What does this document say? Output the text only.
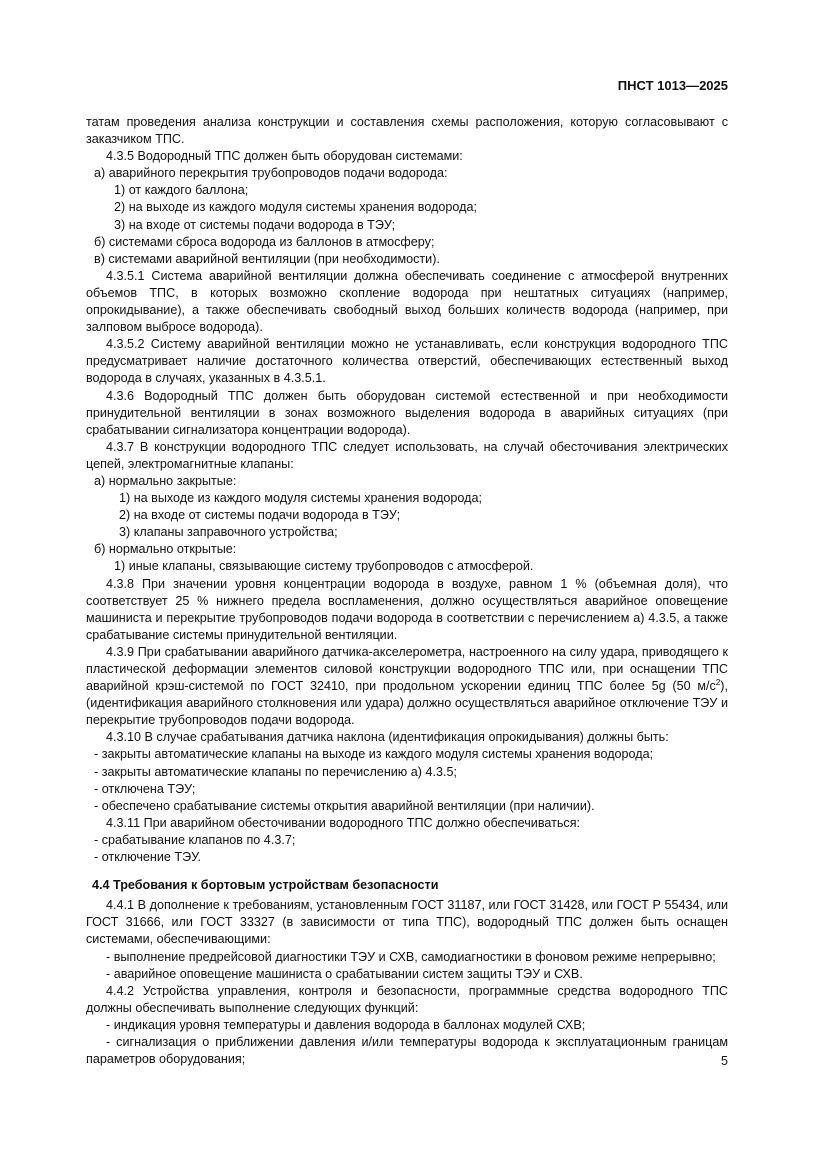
ПНСТ 1013—2025

татам проведения анализа конструкции и составления схемы расположения, которую согласовывают с заказчиком ТПС.

4.3.5 Водородный ТПС должен быть оборудован системами:

а) аварийного перекрытия трубопроводов подачи водорода:

1) от каждого баллона;

2) на выходе из каждого модуля системы хранения водорода;

3) на входе от системы подачи водорода в ТЭУ;

б) системами сброса водорода из баллонов в атмосферу;

в) системами аварийной вентиляции (при необходимости).

4.3.5.1 Система аварийной вентиляции должна обеспечивать соединение с атмосферой внутренних объемов ТПС, в которых возможно скопление водорода при нештатных ситуациях (например, опрокидывание), а также обеспечивать свободный выход больших количеств водорода (например, при залповом выбросе водорода).

4.3.5.2 Систему аварийной вентиляции можно не устанавливать, если конструкция водородного ТПС предусматривает наличие достаточного количества отверстий, обеспечивающих естественный выход водорода в случаях, указанных в 4.3.5.1.

4.3.6 Водородный ТПС должен быть оборудован системой естественной и при необходимости принудительной вентиляции в зонах возможного выделения водорода в аварийных ситуациях (при срабатывании сигнализатора концентрации водорода).

4.3.7 В конструкции водородного ТПС следует использовать, на случай обесточивания электрических цепей, электромагнитные клапаны:

а) нормально закрытые:

1) на выходе из каждого модуля системы хранения водорода;

2) на входе от системы подачи водорода в ТЭУ;

3) клапаны заправочного устройства;

б) нормально открытые:

1) иные клапаны, связывающие систему трубопроводов с атмосферой.

4.3.8 При значении уровня концентрации водорода в воздухе, равном 1 % (объемная доля), что соответствует 25 % нижнего предела воспламенения, должно осуществляться аварийное оповещение машиниста и перекрытие трубопроводов подачи водорода в соответствии с перечислением а) 4.3.5, а также срабатывание системы принудительной вентиляции.

4.3.9 При срабатывании аварийного датчика-акселерометра, настроенного на силу удара, приводящего к пластической деформации элементов силовой конструкции водородного ТПС или, при оснащении ТПС аварийной крэш-системой по ГОСТ 32410, при продольном ускорении единиц ТПС более 5g (50 $м/с^2$), (идентификация аварийного столкновения или удара) должно осуществляться аварийное отключение ТЭУ и перекрытие трубопроводов подачи водорода.

4.3.10 В случае срабатывания датчика наклона (идентификация опрокидывания) должны быть:

- закрыты автоматические клапаны на выходе из каждого модуля системы хранения водорода;

- закрыты автоматические клапаны по перечислению а) 4.3.5;

- отключена ТЭУ;

- обеспечено срабатывание системы открытия аварийной вентиляции (при наличии).

4.3.11 При аварийном обесточивании водородного ТПС должно обеспечиваться:

- срабатывание клапанов по 4.3.7;

- отключение ТЭУ.

4.4 Требования к бортовым устройствам безопасности

4.4.1 В дополнение к требованиям, установленным ГОСТ 31187, или ГОСТ 31428, или ГОСТ Р 55434, или ГОСТ 31666, или ГОСТ 33327 (в зависимости от типа ТПС), водородный ТПС должен быть оснащен системами, обеспечивающими:

- выполнение предрейсовой диагностики ТЭУ и СХВ, самодиагностики в фоновом режиме непрерывно;

- аварийное оповещение машиниста о срабатывании систем защиты ТЭУ и СХВ.

4.4.2 Устройства управления, контроля и безопасности, программные средства водородного ТПС должны обеспечивать выполнение следующих функций:

- индикация уровня температуры и давления водорода в баллонах модулей СХВ;

- сигнализация о приближении давления и/или температуры водорода к эксплуатационным границам параметров оборудования;	5
